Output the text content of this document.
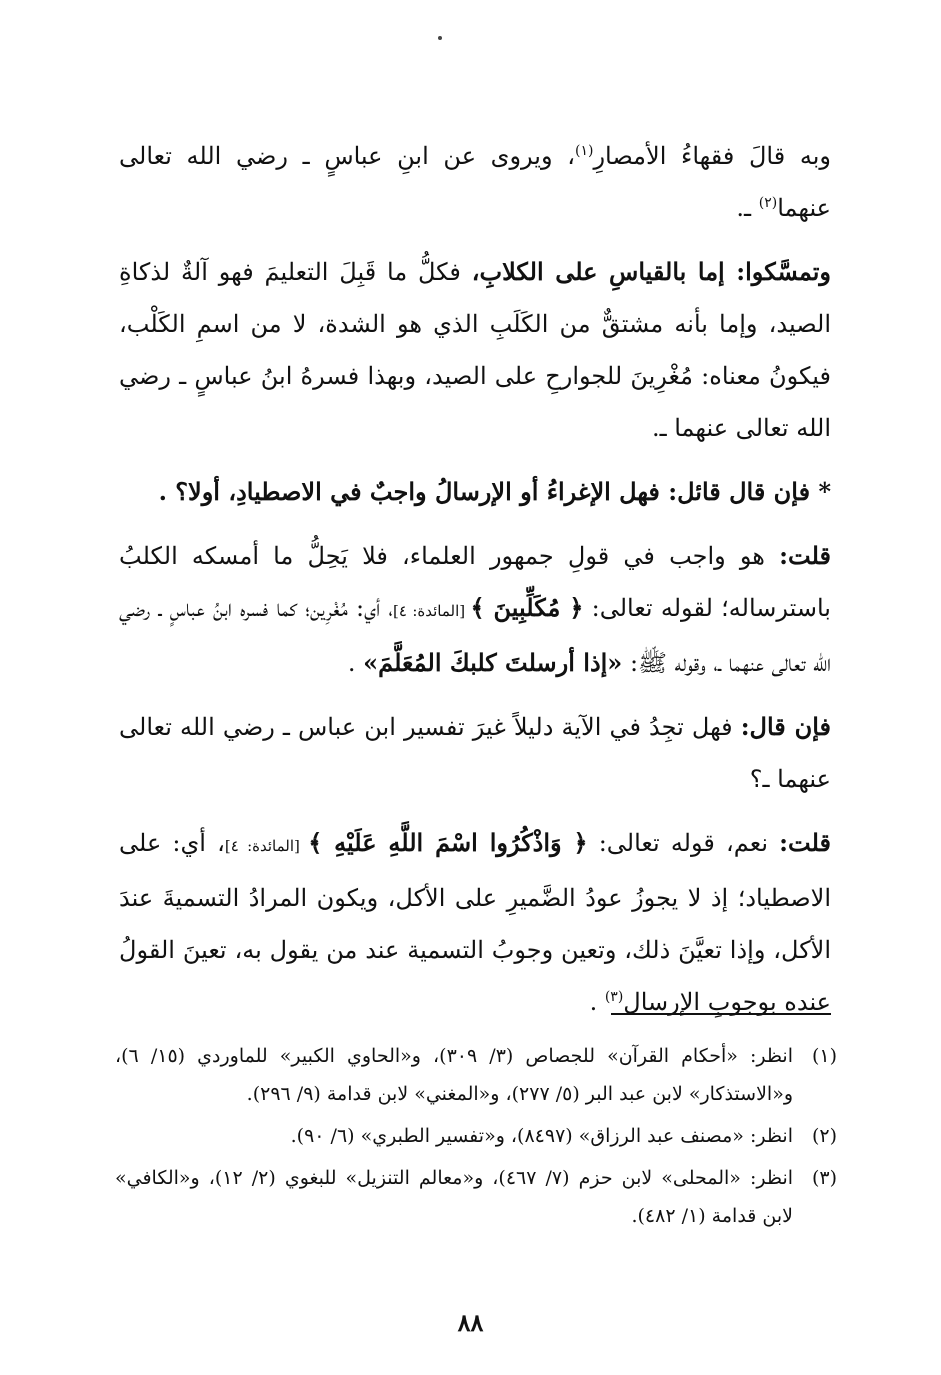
وبه قالَ فقهاءُ الأمصارِ$^{(١)}$، ويروى عن ابنِ عباسٍ ـ رضي الله تعالى عنهما$^{(٢)}$ ـ.

وتمسَّكوا: إما بالقياسِ على الكلابِ، فكلُّ ما قَبِلَ التعليمَ فهو آلةٌ لذكاةِ الصيد، وإما بأنه مشتقٌّ من الكَلَبِ الذي هو الشدة، لا من اسمِ الكَلْب، فيكونُ معناه: مُغْرِينَ للجوارحِ على الصيد، وبهذا فسرهُ ابنُ عباسٍ ـ رضي الله تعالى عنهما ـ.

* فإن قال قائل: فهل الإغراءُ أو الإرسالُ واجبٌ في الاصطيادِ، أولا؟ .

قلت: هو واجب في قولِ جمهور العلماء، فلا يَحِلُّ ما أمسكه الكلبُ باسترساله؛ لقوله تعالى: ﴿ مُكَلِّبِينَ ﴾ [المائدة: ٤]، أي: مُغْرِين؛ كما فسره ابنُ عباسٍ ـ رضي الله تعالى عنهما ـ، وقوله ﷺ: «إذا أرسلتَ كلبكَ المُعَلَّمَ» .

فإن قال: فهل تجِدُ في الآية دليلاً غيرَ تفسير ابن عباس ـ رضي الله تعالى عنهما ـ؟

قلت: نعم، قوله تعالى: ﴿ وَاذْكُرُوا اسْمَ اللَّهِ عَلَيْهِ ﴾ [المائدة: ٤]، أي: على الاصطياد؛ إذ لا يجوزُ عودُ الضَّميرِ على الأكل، ويكون المرادُ التسميةَ عندَ الأكل، وإذا تعيَّنَ ذلك، وتعين وجوبُ التسمية عند من يقول به، تعينَ القولُ عنده بوجوبِ الإرسال$^{(٣)}$ .

(١)
انظر: «أحكام القرآن» للجصاص (٣/ ٣٠٩)، و«الحاوي الكبير» للماوردي (١٥/ ٦)، و«الاستذكار» لابن عبد البر (٥/ ٢٧٧)، و«المغني» لابن قدامة (٩/ ٢٩٦).
(٢)
انظر: «مصنف عبد الرزاق» (٨٤٩٧)، و«تفسير الطبري» (٦/ ٩٠).
(٣)
انظر: «المحلى» لابن حزم (٧/ ٤٦٧)، و«معالم التنزيل» للبغوي (٢/ ١٢)، و«الكافي» لابن قدامة (١/ ٤٨٢).
٨٨
